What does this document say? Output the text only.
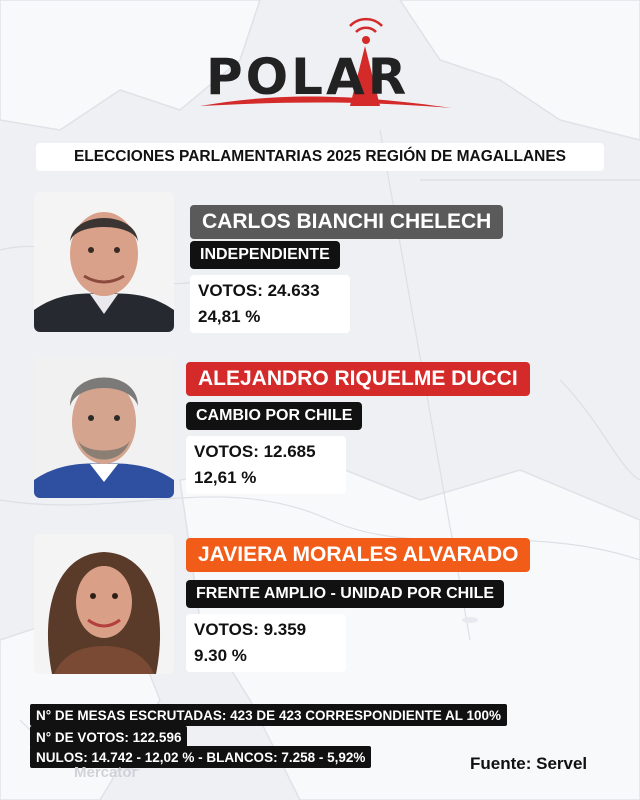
POLAR
ELECCIONES PARLAMENTARIAS 2025 REGIÓN DE MAGALLANES
CARLOS BIANCHI CHELECH
INDEPENDIENTE
VOTOS: 24.633
24,81 %
ALEJANDRO RIQUELME DUCCI
CAMBIO POR CHILE
VOTOS: 12.685
12,61 %
JAVIERA MORALES ALVARADO
FRENTE AMPLIO - UNIDAD POR CHILE
VOTOS: 9.359
9.30 %
N° DE MESAS ESCRUTADAS: 423 DE 423 CORRESPONDIENTE AL 100%
N° DE VOTOS: 122.596
NULOS: 14.742 - 12,02 % - BLANCOS: 7.258 - 5,92%
Mercator	Fuente: Servel
